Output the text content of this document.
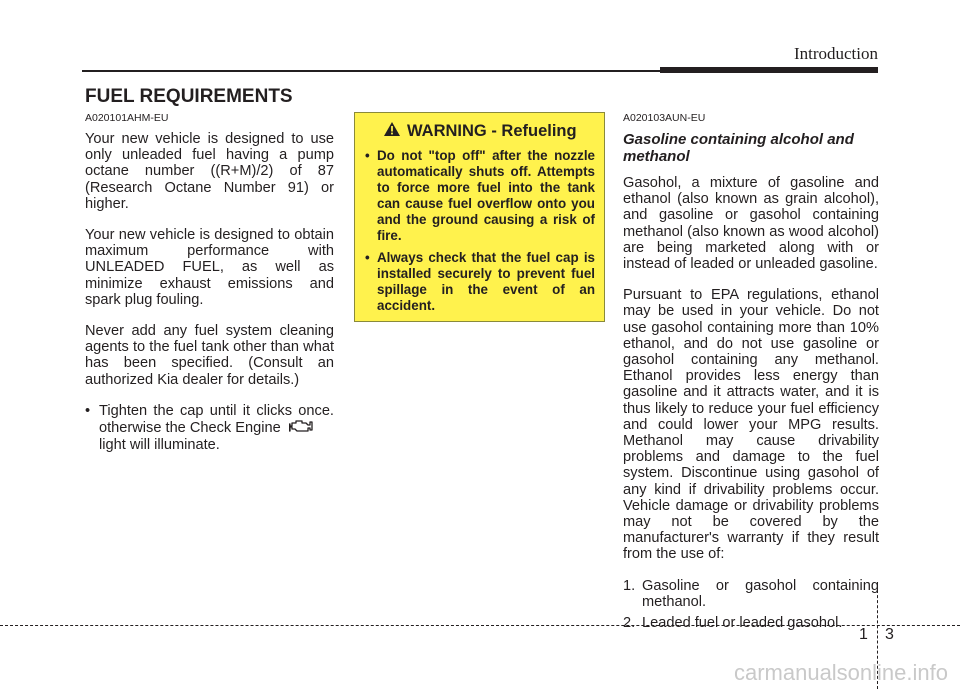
Introduction
FUEL REQUIREMENTS

A020101AHM-EU

Your new vehicle is designed to use only unleaded fuel having a pump octane number ((R+M)/2) of 87 (Research Octane Number 91) or higher.

Your new vehicle is designed to obtain maximum performance with UNLEADED FUEL, as well as minimize exhaust emissions and spark plug fouling.

Never add any fuel system cleaning agents to the fuel tank other than what has been specified. (Consult an authorized Kia dealer for details.)

• Tighten the cap until it clicks once. otherwise the Check Engine
light will illuminate.
WARNING - Refueling
• Do not "top off" after the nozzle automatically shuts off. Attempts to force more fuel into the tank can cause fuel overflow onto you and the ground causing a risk of fire.
• Always check that the fuel cap is installed securely to prevent fuel spillage in the event of an accident.

A020103AUN-EU

Gasoline containing alcohol and methanol

Gasohol, a mixture of gasoline and ethanol (also known as grain alcohol), and gasoline or gasohol containing methanol (also known as wood alcohol) are being marketed along with or instead of leaded or unleaded gasoline.

Pursuant to EPA regulations, ethanol may be used in your vehicle. Do not use gasohol containing more than 10% ethanol, and do not use gasoline or gasohol containing any methanol. Ethanol provides less energy than gasoline and it attracts water, and it is thus likely to reduce your fuel efficiency and could lower your MPG results. Methanol may cause drivability problems and damage to the fuel system. Discontinue using gasohol of any kind if drivability problems occur. Vehicle damage or drivability problems may not be covered by the manufacturer's warranty if they result from the use of:

1. Gasoline or gasohol containing methanol.
2. Leaded fuel or leaded gasohol.
1 3
carmanualsonline.info
